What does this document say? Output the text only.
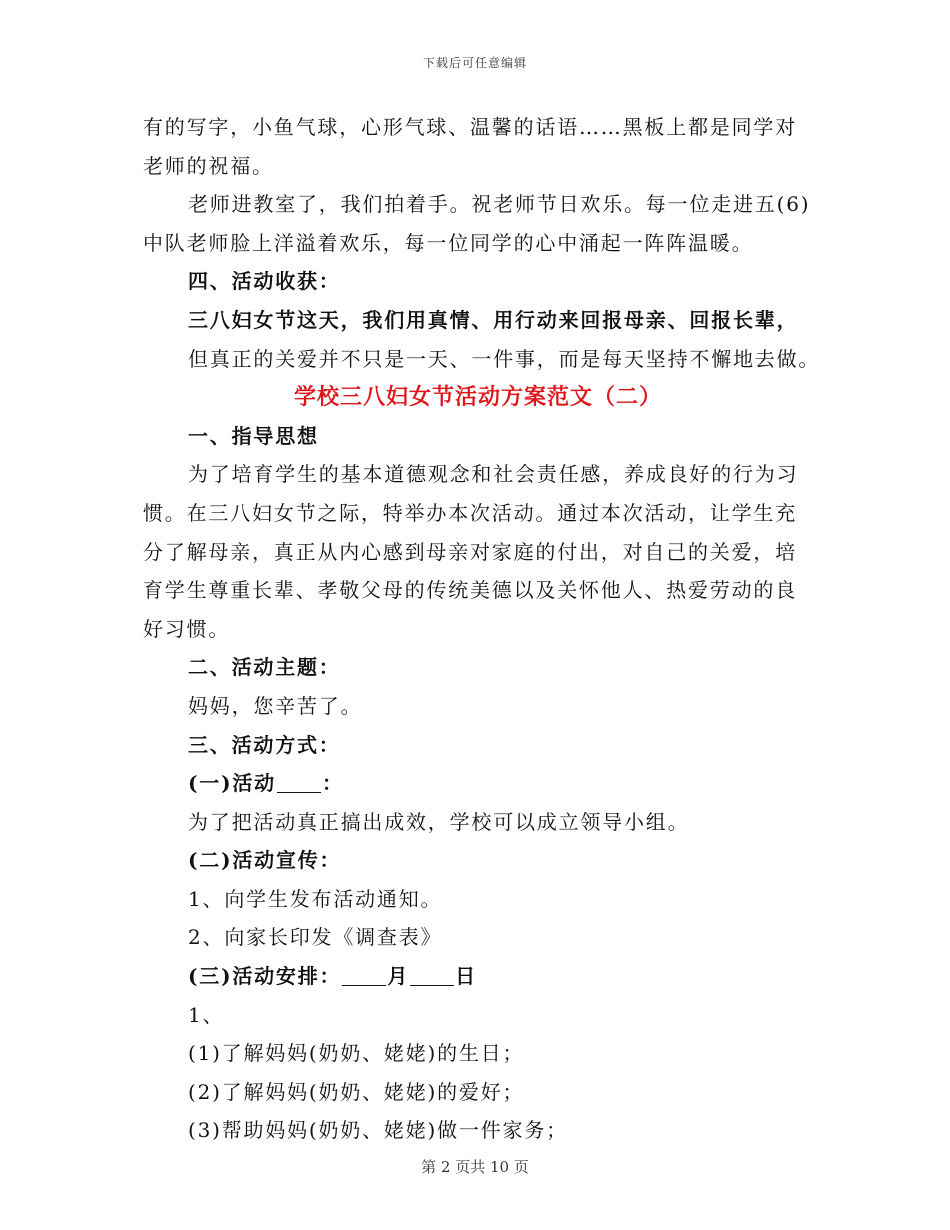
下载后可任意编辑
有的写字，小鱼气球，心形气球、温馨的话语……黑板上都是同学对
老师的祝福。
老师进教室了，我们拍着手。祝老师节日欢乐。每一位走进五(6)
中队老师脸上洋溢着欢乐，每一位同学的心中涌起一阵阵温暖。
四、活动收获：
三八妇女节这天，我们用真情、用行动来回报母亲、回报长辈，
但真正的关爱并不只是一天、一件事，而是每天坚持不懈地去做。
学校三八妇女节活动方案范文（二）
一、指导思想
为了培育学生的基本道德观念和社会责任感，养成良好的行为习
惯。在三八妇女节之际，特举办本次活动。通过本次活动，让学生充
分了解母亲，真正从内心感到母亲对家庭的付出，对自己的关爱，培
育学生尊重长辈、孝敬父母的传统美德以及关怀他人、热爱劳动的良
好习惯。
二、活动主题：
妈妈，您辛苦了。
三、活动方式：
(一)活动 ：
为了把活动真正搞出成效，学校可以成立领导小组。
(二)活动宣传：
1、向学生发布活动通知。
2、向家长印发《调查表》
(三)活动安排： 月 日
1、
(1)了解妈妈(奶奶、姥姥)的生日；
(2)了解妈妈(奶奶、姥姥)的爱好；
(3)帮助妈妈(奶奶、姥姥)做一件家务；
第 2 页共 10 页
